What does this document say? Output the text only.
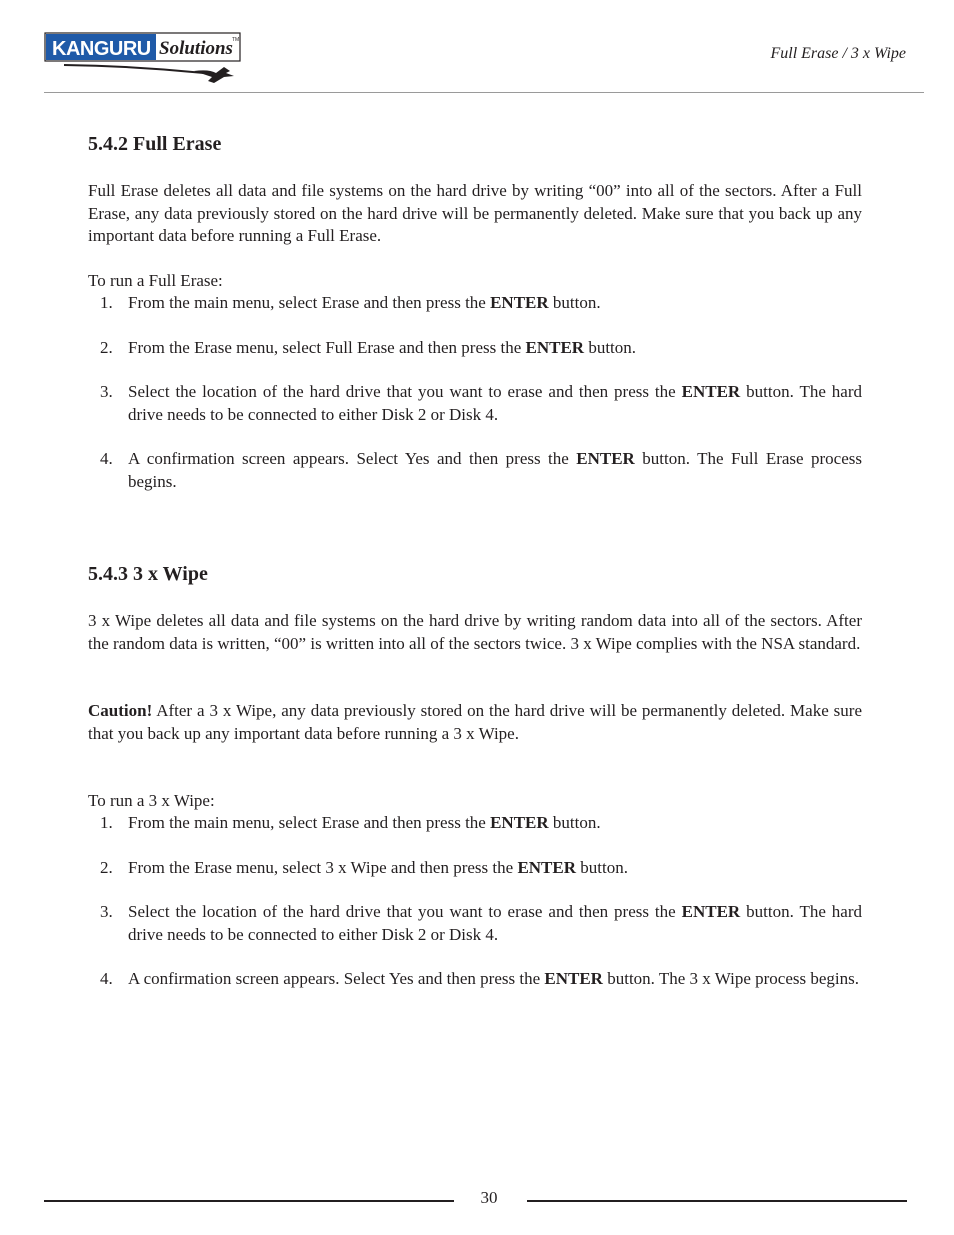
KANGURU Solutions TM
Full Erase / 3 x Wipe
5.4.2 Full Erase

Full Erase deletes all data and file systems on the hard drive by writing “00” into all of the sectors. After a Full Erase, any data previously stored on the hard drive will be permanently deleted. Make sure that you back up any important data before running a Full Erase.

To run a Full Erase:
1. From the main menu, select Erase and then press the ENTER button.
2. From the Erase menu, select Full Erase and then press the ENTER button.
3. Select the location of the hard drive that you want to erase and then press the ENTER button. The hard drive needs to be connected to either Disk 2 or Disk 4.
4. A confirmation screen appears. Select Yes and then press the ENTER button. The Full Erase process begins.
5.4.3 3 x Wipe

3 x Wipe deletes all data and file systems on the hard drive by writing random data into all of the sectors. After the random data is written, “00” is written into all of the sectors twice. 3 x Wipe complies with the NSA standard.

Caution! After a 3 x Wipe, any data previously stored on the hard drive will be permanently deleted. Make sure that you back up any important data before running a 3 x Wipe.

To run a 3 x Wipe:
1. From the main menu, select Erase and then press the ENTER button.
2. From the Erase menu, select 3 x Wipe and then press the ENTER button.
3. Select the location of the hard drive that you want to erase and then press the ENTER button. The hard drive needs to be connected to either Disk 2 or Disk 4.
4. A confirmation screen appears. Select Yes and then press the ENTER button. The 3 x Wipe process begins.
30
